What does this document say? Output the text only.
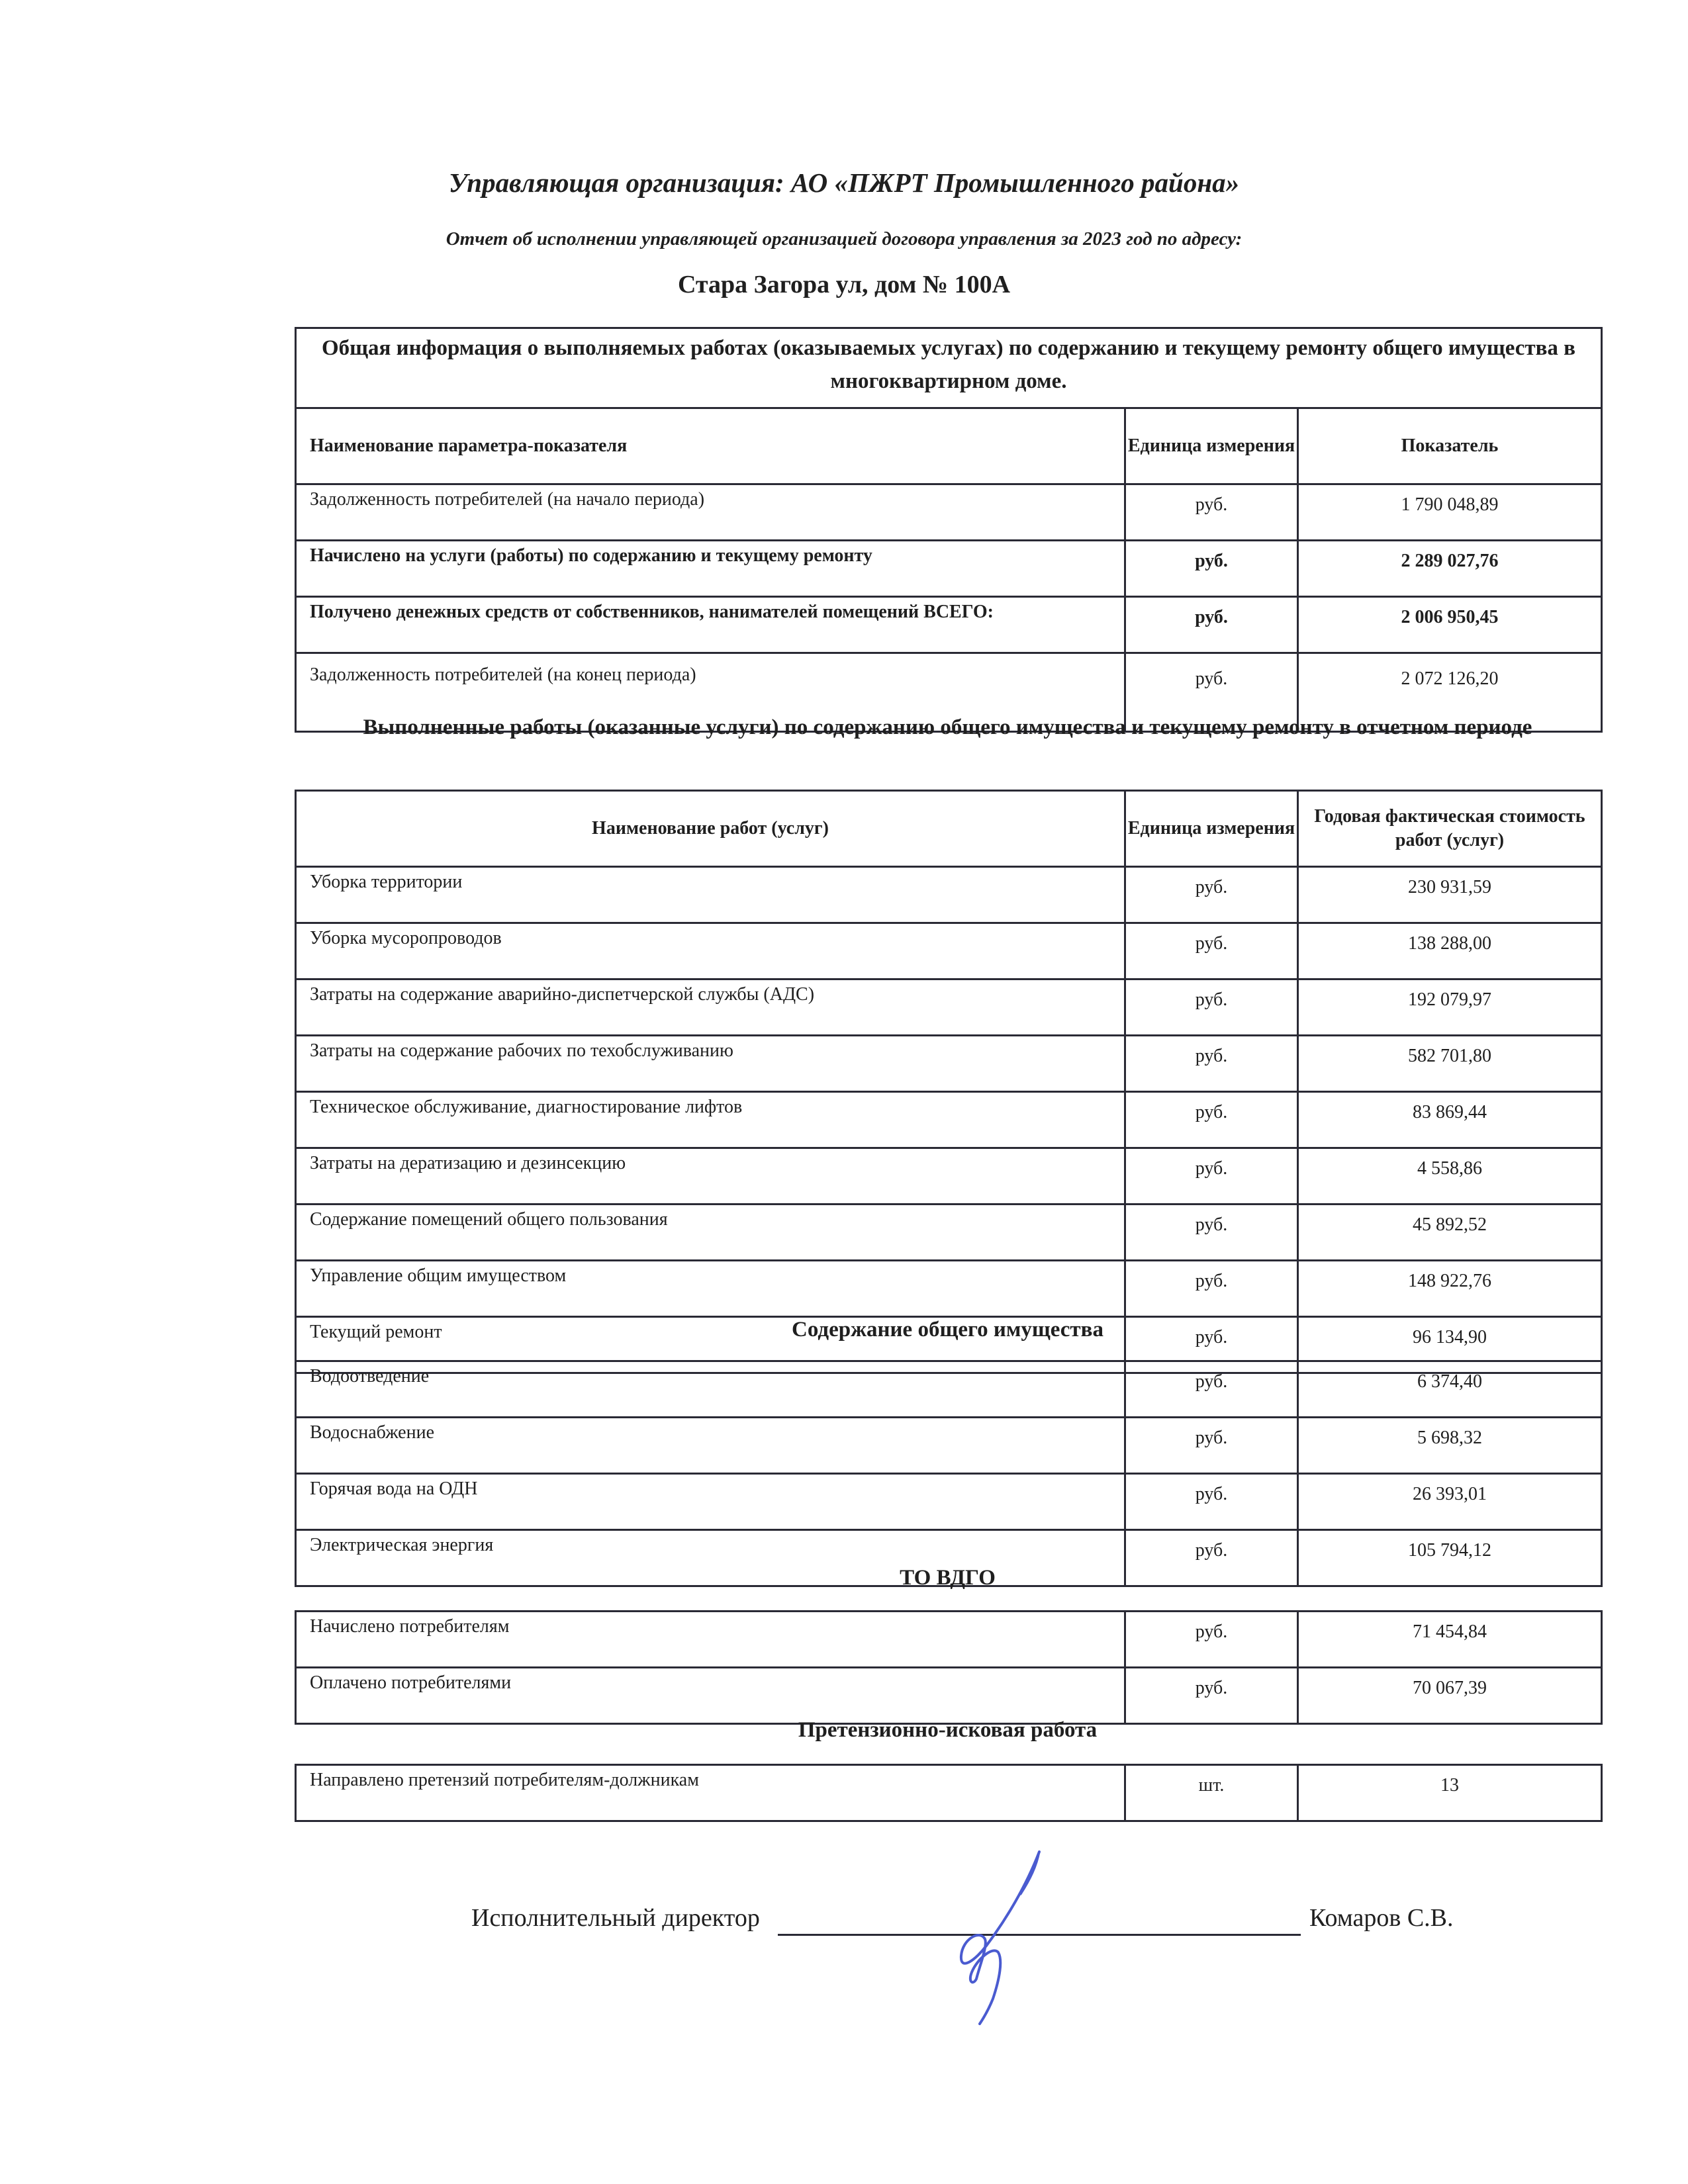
Управляющая организация: АО «ПЖРТ Промышленного района»
Отчет об исполнении управляющей организацией договора управления за 2023 год по адресу:
Стара Загора ул, дом № 100А
Общая информация о выполняемых работах (оказываемых услугах) по содержанию и текущему ремонту общего имущества в многоквартирном доме.		
Наименование параметра-показателя	Единица измерения	Показатель
Задолженность потребителей (на начало периода)	руб.	1 790 048,89
Начислено на услуги (работы) по содержанию и текущему ремонту	руб.	2 289 027,76
Получено денежных средств от собственников, нанимателей помещений ВСЕГО:	руб.	2 006 950,45
Задолженность потребителей (на конец периода)	руб.	2 072 126,20
Выполненные работы (оказанные услуги) по содержанию общего имущества и текущему ремонту в отчетном периоде
Наименование работ (услуг)	Единица измерения	Годовая фактическая стоимость работ (услуг)
Уборка территории	руб.	230 931,59
Уборка мусоропроводов	руб.	138 288,00
Затраты на содержание аварийно-диспетчерской службы (АДС)	руб.	192 079,97
Затраты на содержание рабочих по техобслуживанию	руб.	582 701,80
Техническое обслуживание, диагностирование лифтов	руб.	83 869,44
Затраты на дератизацию и дезинсекцию	руб.	4 558,86
Содержание помещений общего пользования	руб.	45 892,52
Управление общим имуществом	руб.	148 922,76
Текущий ремонт	руб.	96 134,90
Содержание общего имущества
Водоотведение	руб.	6 374,40
Водоснабжение	руб.	5 698,32
Горячая вода на ОДН	руб.	26 393,01
Электрическая энергия	руб.	105 794,12
ТО ВДГО
Начислено потребителям	руб.	71 454,84
Оплачено потребителями	руб.	70 067,39
Претензионно-исковая работа
Направлено претензий потребителям-должникам	шт.	13
Исполнительный директор	Комаров С.В.
